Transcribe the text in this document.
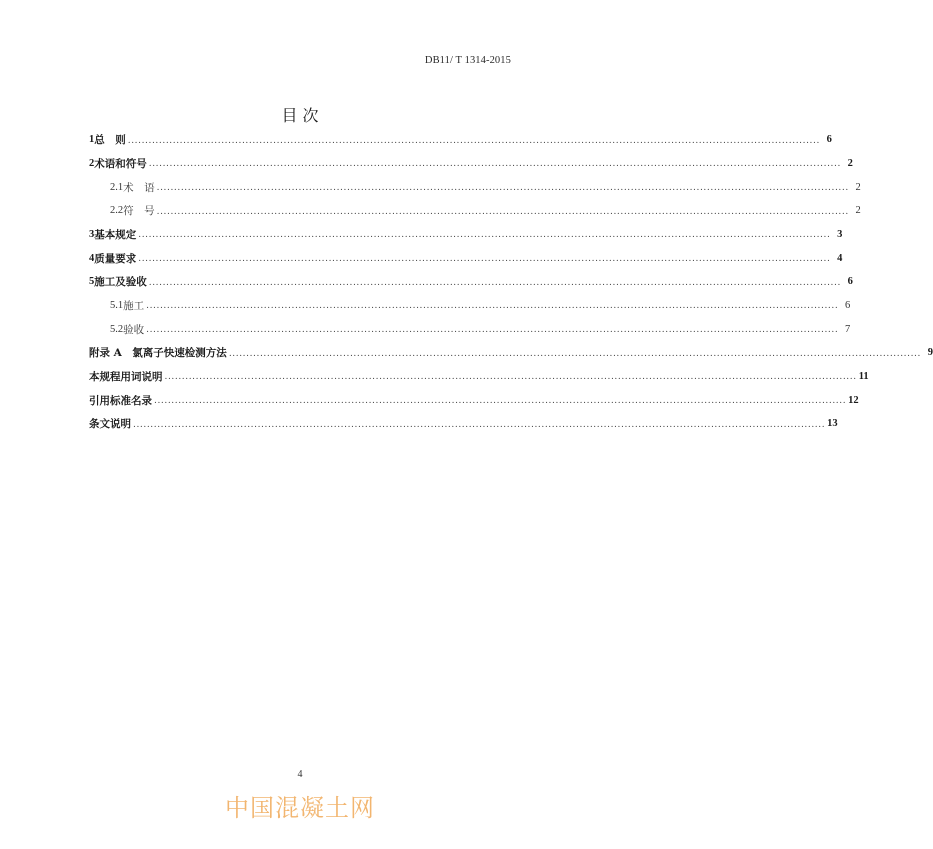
DB11/ T 1314-2015
目 次
1 总　则 ........................................................................................................................................................................................................ 6
2 术语和符号 ........................................................................................................................................................................................................ 2
2.1 术　语 ........................................................................................................................................................................................................ 2
2.2 符　号 ........................................................................................................................................................................................................ 2
3 基本规定 ........................................................................................................................................................................................................ 3
4 质量要求 ........................................................................................................................................................................................................ 4
5 施工及验收 ........................................................................................................................................................................................................ 6
5.1 施工 ........................................................................................................................................................................................................ 6
5.2 验收 ........................................................................................................................................................................................................ 7
附录 A　氯离子快速检测方法 ........................................................................................................................................................................................................ 9
本规程用词说明 ........................................................................................................................................................................................................ 11
引用标准名录 ........................................................................................................................................................................................................ 12
条文说明 ........................................................................................................................................................................................................ 13
4
中国混凝土网
